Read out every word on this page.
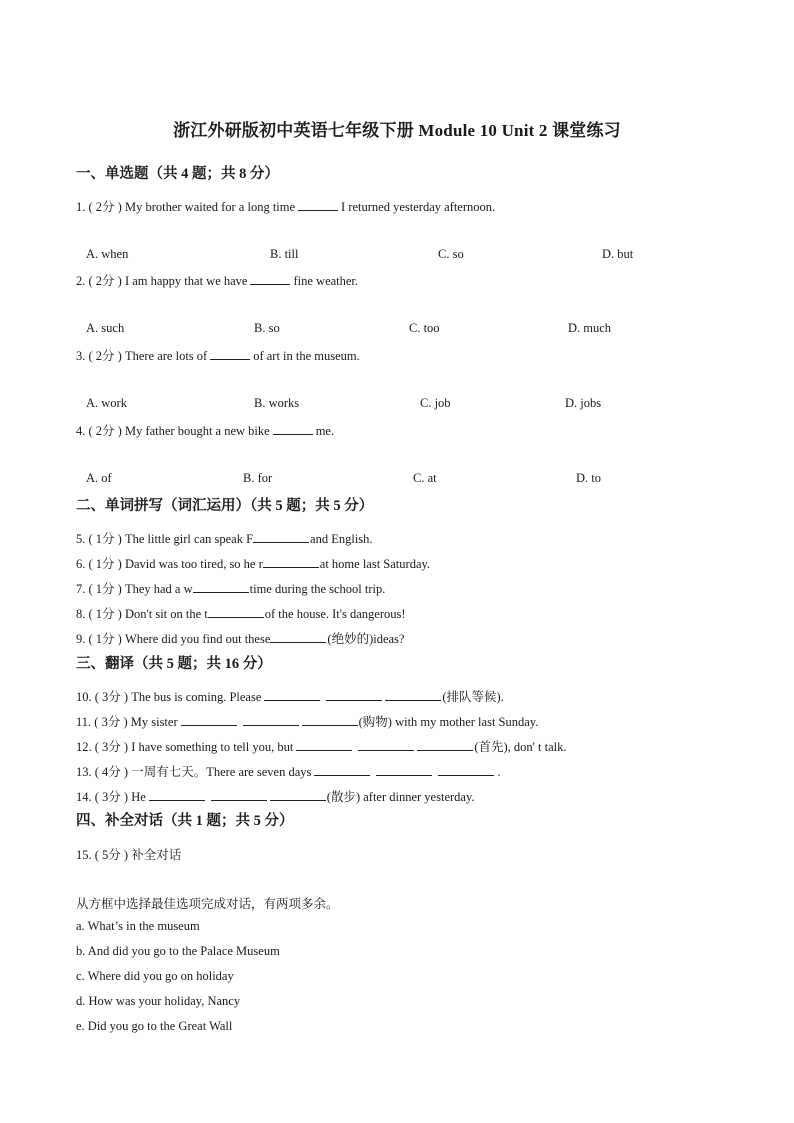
浙江外研版初中英语七年级下册 Module 10 Unit 2 课堂练习
一、单选题（共 4 题；共 8 分）
1. ( 2分 ) My brother waited for a long time	I returned yesterday afternoon.
A. when	B. till	C. so	D. but
2. ( 2分 ) I am happy that we have	fine weather.
A. such	B. so	C. too	D. much
3. ( 2分 ) There are lots of	of art in the museum.
A. work	B. works	C. job	D. jobs
4. ( 2分 ) My father bought a new bike	me.
A. of	B. for	C. at	D. to
二、单词拼写（词汇运用）（共 5 题；共 5 分）
5. ( 1分 ) The little girl can speak F	and English.
6. ( 1分 ) David was too tired, so he r	at home last Saturday.
7. ( 1分 ) They had a w	time during the school trip.
8. ( 1分 ) Don't sit on the t	of the house. It's dangerous!
9. ( 1分 ) Where did you find out these	(绝妙的)ideas?
三、翻译（共 5 题；共 16 分）
10. ( 3分 ) The bus is coming. Please	(排队等候).
11. ( 3分 ) My sister	(购物) with my mother last Sunday.
12. ( 3分 ) I have something to tell you, but	(首先), don' t talk.
13. ( 4分 ) 一周有七天。There are seven days	.
14. ( 3分 ) He	(散步) after dinner yesterday.
四、补全对话（共 1 题；共 5 分）
15. ( 5分 ) 补全对话
从方框中选择最佳选项完成对话，有两项多余。
a. What’s in the museum
b. And did you go to the Palace Museum
c. Where did you go on holiday
d. How was your holiday, Nancy
e. Did you go to the Great Wall
